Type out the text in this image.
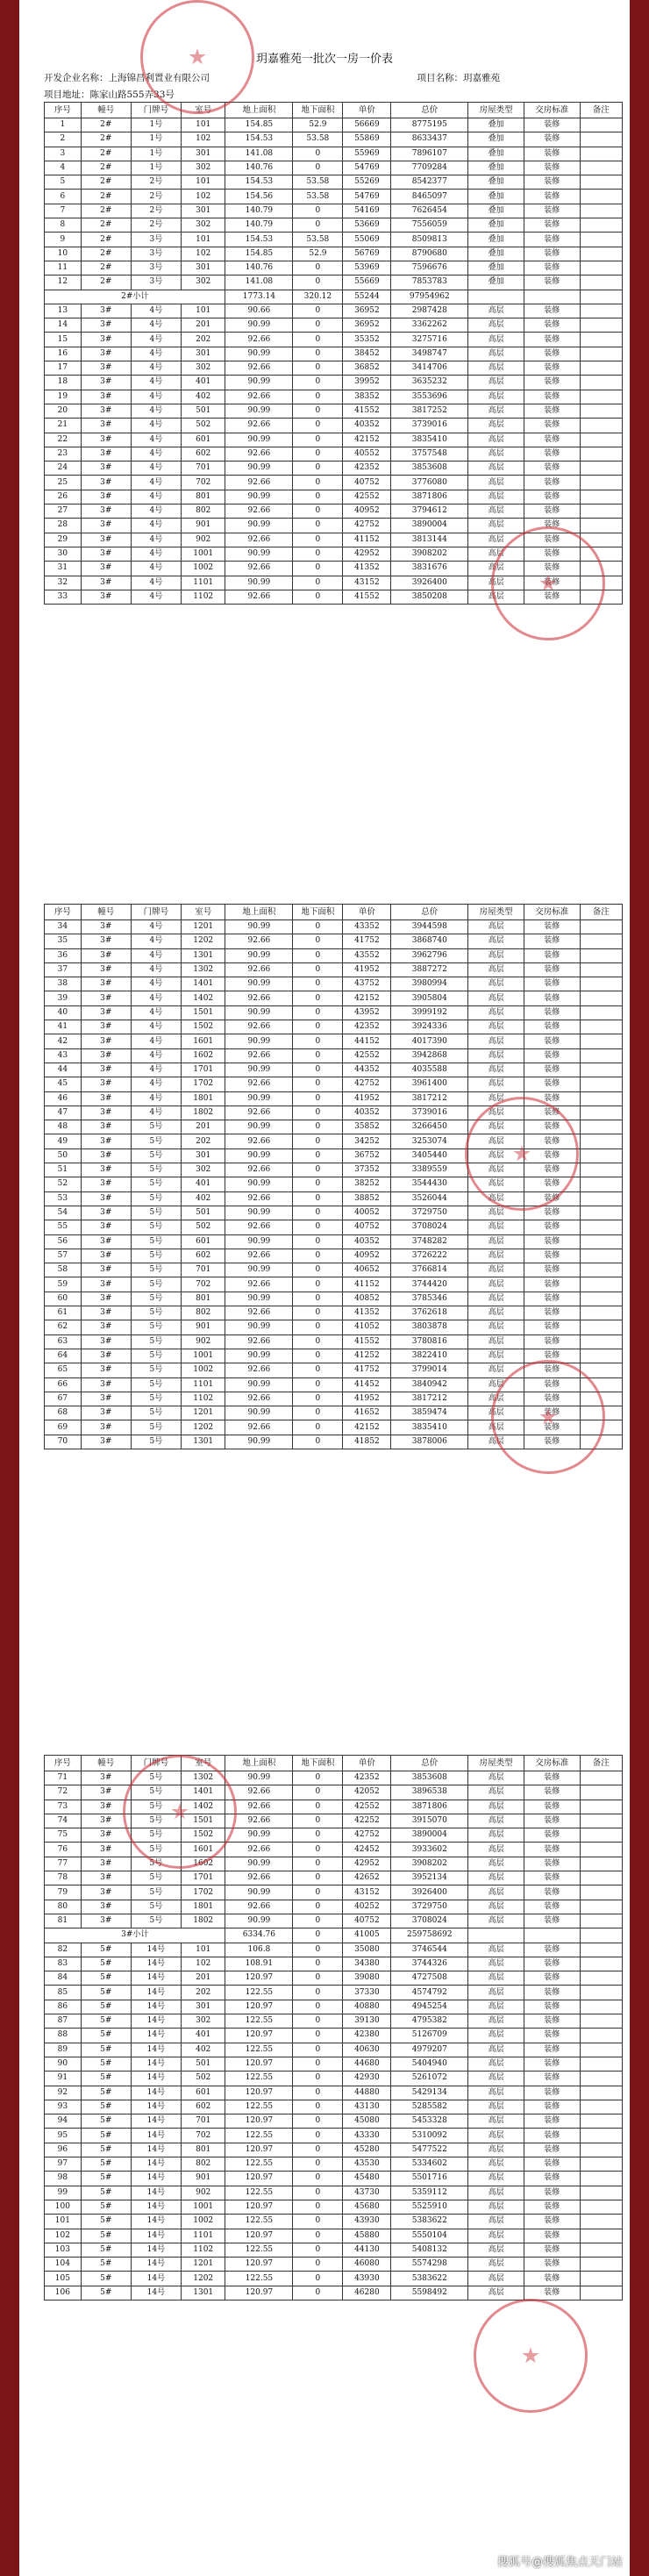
玥嘉雅苑一批次一房一价表
开发企业名称：上海锦昌利置业有限公司	项目名称：玥嘉雅苑
项目地址：陈家山路555弄33号
序号	幢号	门牌号	室号	地上面积	地下面积	单价	总价	房屋类型	交房标准	备注
1	2#	1号	101	154.85	52.9	56669	8775195	叠加	装修	
2	2#	1号	102	154.53	53.58	55869	8633437	叠加	装修	
3	2#	1号	301	141.08	0	55969	7896107	叠加	装修	
4	2#	1号	302	140.76	0	54769	7709284	叠加	装修	
5	2#	2号	101	154.53	53.58	55269	8542377	叠加	装修	
6	2#	2号	102	154.56	53.58	54769	8465097	叠加	装修	
7	2#	2号	301	140.79	0	54169	7626454	叠加	装修	
8	2#	2号	302	140.79	0	53669	7556059	叠加	装修	
9	2#	3号	101	154.53	53.58	55069	8509813	叠加	装修	
10	2#	3号	102	154.85	52.9	56769	8790680	叠加	装修	
11	2#	3号	301	140.76	0	53969	7596676	叠加	装修	
12	2#	3号	302	141.08	0	55669	7853783	叠加	装修	
2#小计				1773.14	320.12	55244	97954962			
13	3#	4号	101	90.66	0	36952	2987428	高层	装修	
14	3#	4号	201	90.99	0	36952	3362262	高层	装修	
15	3#	4号	202	92.66	0	35352	3275716	高层	装修	
16	3#	4号	301	90.99	0	38452	3498747	高层	装修	
17	3#	4号	302	92.66	0	36852	3414706	高层	装修	
18	3#	4号	401	90.99	0	39952	3635232	高层	装修	
19	3#	4号	402	92.66	0	38352	3553696	高层	装修	
20	3#	4号	501	90.99	0	41552	3817252	高层	装修	
21	3#	4号	502	92.66	0	40352	3739016	高层	装修	
22	3#	4号	601	90.99	0	42152	3835410	高层	装修	
23	3#	4号	602	92.66	0	40552	3757548	高层	装修	
24	3#	4号	701	90.99	0	42352	3853608	高层	装修	
25	3#	4号	702	92.66	0	40752	3776080	高层	装修	
26	3#	4号	801	90.99	0	42552	3871806	高层	装修	
27	3#	4号	802	92.66	0	40952	3794612	高层	装修	
28	3#	4号	901	90.99	0	42752	3890004	高层	装修	
29	3#	4号	902	92.66	0	41152	3813144	高层	装修	
30	3#	4号	1001	90.99	0	42952	3908202	高层	装修	
31	3#	4号	1002	92.66	0	41352	3831676	高层	装修	
32	3#	4号	1101	90.99	0	43152	3926400	高层	装修	
33	3#	4号	1102	92.66	0	41552	3850208	高层	装修	
序号	幢号	门牌号	室号	地上面积	地下面积	单价	总价	房屋类型	交房标准	备注
34	3#	4号	1201	90.99	0	43352	3944598	高层	装修	
35	3#	4号	1202	92.66	0	41752	3868740	高层	装修	
36	3#	4号	1301	90.99	0	43552	3962796	高层	装修	
37	3#	4号	1302	92.66	0	41952	3887272	高层	装修	
38	3#	4号	1401	90.99	0	43752	3980994	高层	装修	
39	3#	4号	1402	92.66	0	42152	3905804	高层	装修	
40	3#	4号	1501	90.99	0	43952	3999192	高层	装修	
41	3#	4号	1502	92.66	0	42352	3924336	高层	装修	
42	3#	4号	1601	90.99	0	44152	4017390	高层	装修	
43	3#	4号	1602	92.66	0	42552	3942868	高层	装修	
44	3#	4号	1701	90.99	0	44352	4035588	高层	装修	
45	3#	4号	1702	92.66	0	42752	3961400	高层	装修	
46	3#	4号	1801	90.99	0	41952	3817212	高层	装修	
47	3#	4号	1802	92.66	0	40352	3739016	高层	装修	
48	3#	5号	201	90.99	0	35852	3266450	高层	装修	
49	3#	5号	202	92.66	0	34252	3253074	高层	装修	
50	3#	5号	301	90.99	0	36752	3405440	高层	装修	
51	3#	5号	302	92.66	0	37352	3389559	高层	装修	
52	3#	5号	401	90.99	0	38252	3544430	高层	装修	
53	3#	5号	402	92.66	0	38852	3526044	高层	装修	
54	3#	5号	501	90.99	0	40052	3729750	高层	装修	
55	3#	5号	502	92.66	0	40752	3708024	高层	装修	
56	3#	5号	601	90.99	0	40352	3748282	高层	装修	
57	3#	5号	602	92.66	0	40952	3726222	高层	装修	
58	3#	5号	701	90.99	0	40652	3766814	高层	装修	
59	3#	5号	702	92.66	0	41152	3744420	高层	装修	
60	3#	5号	801	90.99	0	40852	3785346	高层	装修	
61	3#	5号	802	92.66	0	41352	3762618	高层	装修	
62	3#	5号	901	90.99	0	41052	3803878	高层	装修	
63	3#	5号	902	92.66	0	41552	3780816	高层	装修	
64	3#	5号	1001	90.99	0	41252	3822410	高层	装修	
65	3#	5号	1002	92.66	0	41752	3799014	高层	装修	
66	3#	5号	1101	90.99	0	41452	3840942	高层	装修	
67	3#	5号	1102	92.66	0	41952	3817212	高层	装修	
68	3#	5号	1201	90.99	0	41652	3859474	高层	装修	
69	3#	5号	1202	92.66	0	42152	3835410	高层	装修	
70	3#	5号	1301	90.99	0	41852	3878006	高层	装修	
序号	幢号	门牌号	室号	地上面积	地下面积	单价	总价	房屋类型	交房标准	备注
71	3#	5号	1302	90.99	0	42352	3853608	高层	装修	
72	3#	5号	1401	92.66	0	42052	3896538	高层	装修	
73	3#	5号	1402	92.66	0	42552	3871806	高层	装修	
74	3#	5号	1501	92.66	0	42252	3915070	高层	装修	
75	3#	5号	1502	90.99	0	42752	3890004	高层	装修	
76	3#	5号	1601	92.66	0	42452	3933602	高层	装修	
77	3#	5号	1602	90.99	0	42952	3908202	高层	装修	
78	3#	5号	1701	92.66	0	42652	3952134	高层	装修	
79	3#	5号	1702	90.99	0	43152	3926400	高层	装修	
80	3#	5号	1801	92.66	0	40252	3729750	高层	装修	
81	3#	5号	1802	90.99	0	40752	3708024	高层	装修	
3#小计				6334.76	0	41005	259758692			
82	5#	14号	101	106.8	0	35080	3746544	高层	装修	
83	5#	14号	102	108.91	0	34380	3744326	高层	装修	
84	5#	14号	201	120.97	0	39080	4727508	高层	装修	
85	5#	14号	202	122.55	0	37330	4574792	高层	装修	
86	5#	14号	301	120.97	0	40880	4945254	高层	装修	
87	5#	14号	302	122.55	0	39130	4795382	高层	装修	
88	5#	14号	401	120.97	0	42380	5126709	高层	装修	
89	5#	14号	402	122.55	0	40630	4979207	高层	装修	
90	5#	14号	501	120.97	0	44680	5404940	高层	装修	
91	5#	14号	502	122.55	0	42930	5261072	高层	装修	
92	5#	14号	601	120.97	0	44880	5429134	高层	装修	
93	5#	14号	602	122.55	0	43130	5285582	高层	装修	
94	5#	14号	701	120.97	0	45080	5453328	高层	装修	
95	5#	14号	702	122.55	0	43330	5310092	高层	装修	
96	5#	14号	801	120.97	0	45280	5477522	高层	装修	
97	5#	14号	802	122.55	0	43530	5334602	高层	装修	
98	5#	14号	901	120.97	0	45480	5501716	高层	装修	
99	5#	14号	902	122.55	0	43730	5359112	高层	装修	
100	5#	14号	1001	120.97	0	45680	5525910	高层	装修	
101	5#	14号	1002	122.55	0	43930	5383622	高层	装修	
102	5#	14号	1101	120.97	0	45880	5550104	高层	装修	
103	5#	14号	1102	122.55	0	44130	5408132	高层	装修	
104	5#	14号	1201	120.97	0	46080	5574298	高层	装修	
105	5#	14号	1202	122.55	0	43930	5383622	高层	装修	
106	5#	14号	1301	120.97	0	46280	5598492	高层	装修	
搜狐号@搜狐焦点天门站
